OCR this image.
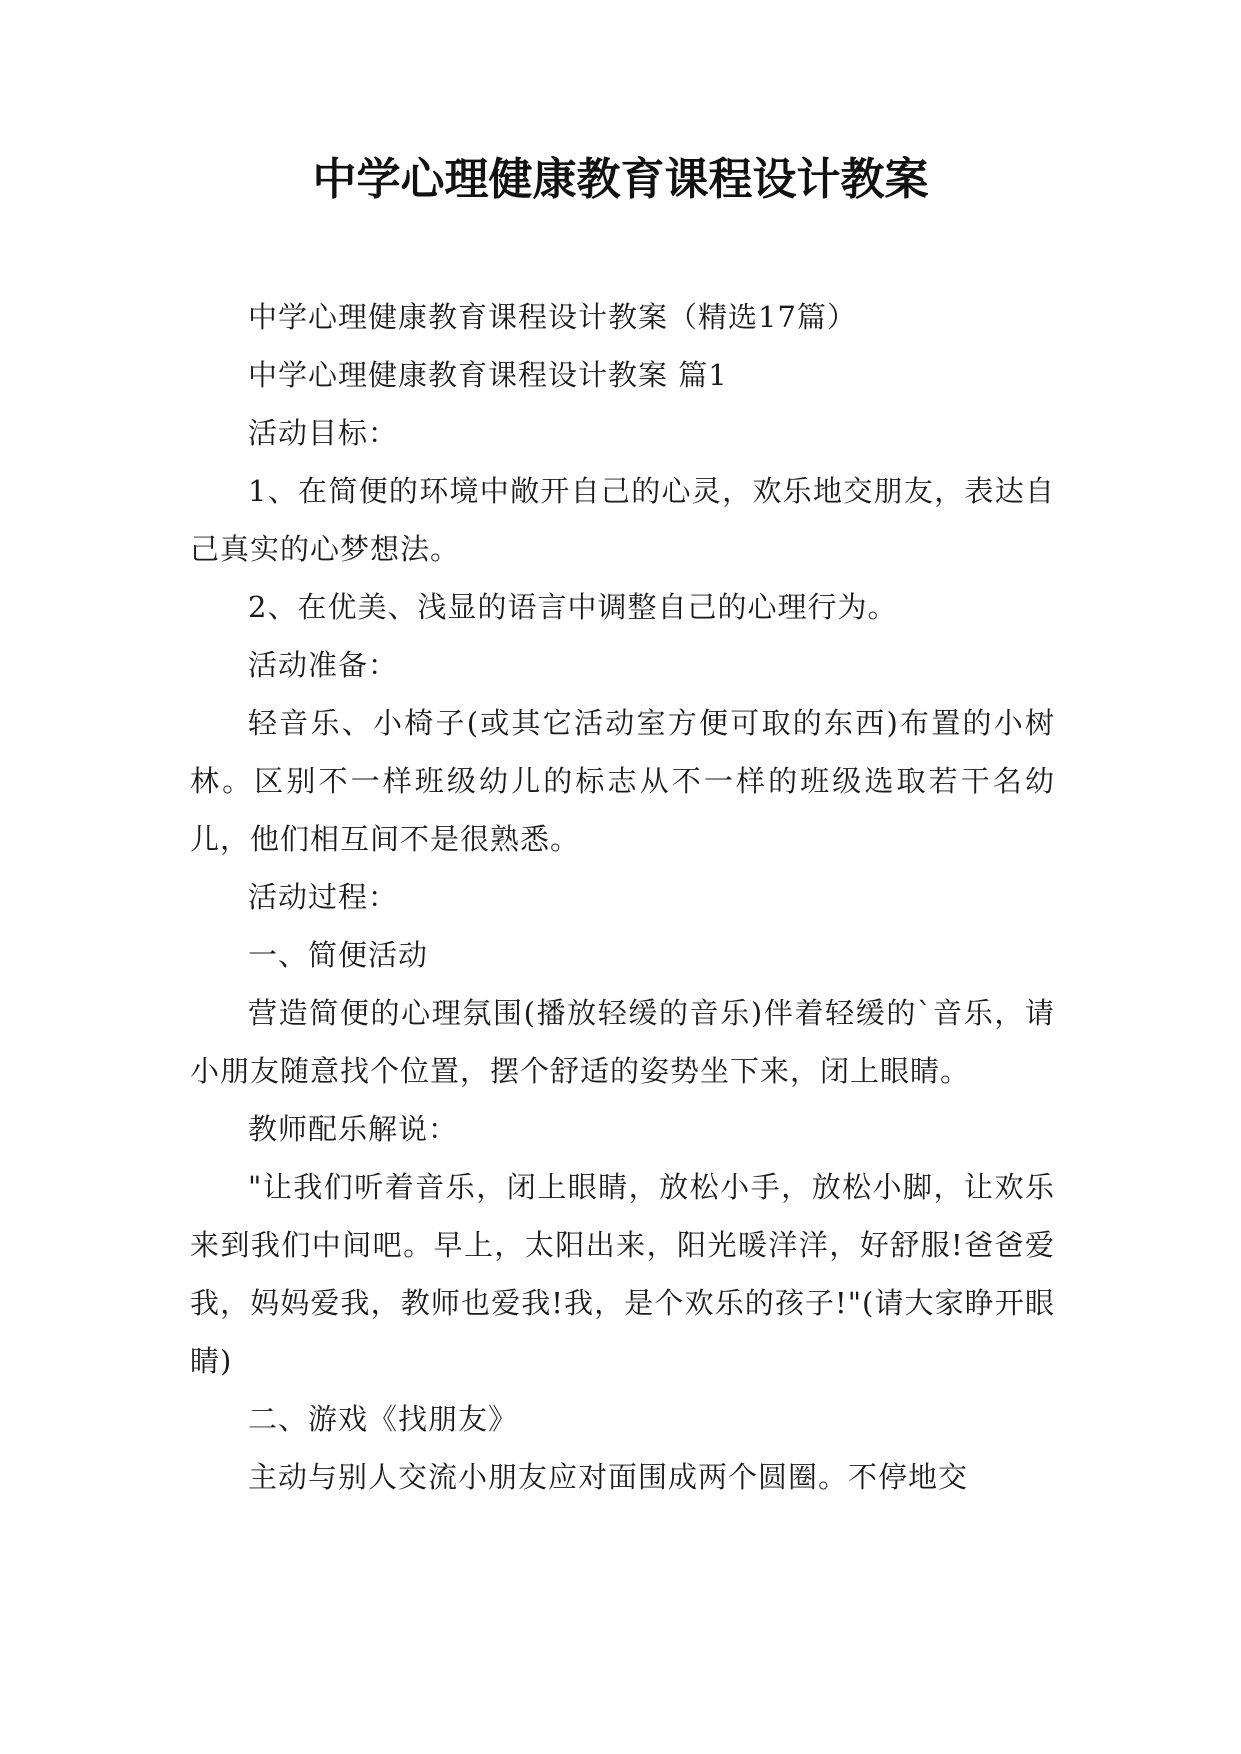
中学心理健康教育课程设计教案

中学心理健康教育课程设计教案（精选17篇）

中学心理健康教育课程设计教案 篇1

活动目标：

1、在简便的环境中敞开自己的心灵，欢乐地交朋友，表达自己真实的心梦想法。

2、在优美、浅显的语言中调整自己的心理行为。

活动准备：

轻音乐、小椅子(或其它活动室方便可取的东西)布置的小树林。区别不一样班级幼儿的标志从不一样的班级选取若干名幼儿，他们相互间不是很熟悉。

活动过程：

一、简便活动

营造简便的心理氛围(播放轻缓的音乐)伴着轻缓的`音乐，请小朋友随意找个位置，摆个舒适的姿势坐下来，闭上眼睛。

教师配乐解说：

"让我们听着音乐，闭上眼睛，放松小手，放松小脚，让欢乐来到我们中间吧。早上，太阳出来，阳光暖洋洋，好舒服!爸爸爱我，妈妈爱我，教师也爱我!我，是个欢乐的孩子!"(请大家睁开眼睛)

二、游戏《找朋友》

主动与别人交流小朋友应对面围成两个圆圈。不停地交
